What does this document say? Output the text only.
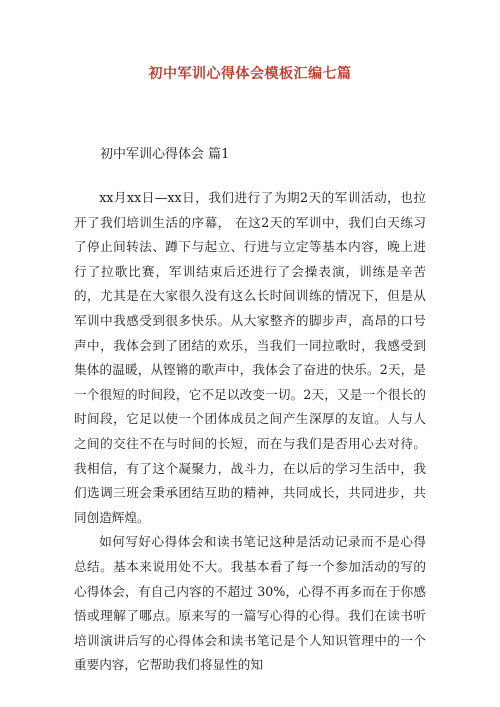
初中军训心得体会模板汇编七篇
初中军训心得体会 篇1

xx月xx日—xx日，我们进行了为期2天的军训活动，也拉开了我们培训生活的序幕， 在这2天的军训中，我们白天练习了停止间转法、蹲下与起立、行进与立定等基本内容，晚上进行了拉歌比赛，军训结束后还进行了会操表演，训练是辛苦的，尤其是在大家很久没有这么长时间训练的情况下，但是从军训中我感受到很多快乐。从大家整齐的脚步声，高昂的口号声中，我体会到了团结的欢乐，当我们一同拉歌时，我感受到集体的温暖，从铿锵的歌声中，我体会了奋进的快乐。2天，是一个很短的时间段，它不足以改变一切。2天，又是一个很长的时间段，它足以使一个团体成员之间产生深厚的友谊。人与人之间的交往不在与时间的长短，而在与我们是否用心去对待。我相信，有了这个凝聚力，战斗力，在以后的学习生活中，我们选调三班会秉承团结互助的精神，共同成长，共同进步，共同创造辉煌。

如何写好心得体会和读书笔记这种是活动记录而不是心得总结。基本来说用处不大。我基本看了每一个参加活动的写的心得体会，有自己内容的不超过 30%，心得不再多而在于你感悟或理解了哪点。原来写的一篇写心得的心得。我们在读书听培训演讲后写的心得体会和读书笔记是个人知识管理中的一个重要内容，它帮助我们将显性的知
